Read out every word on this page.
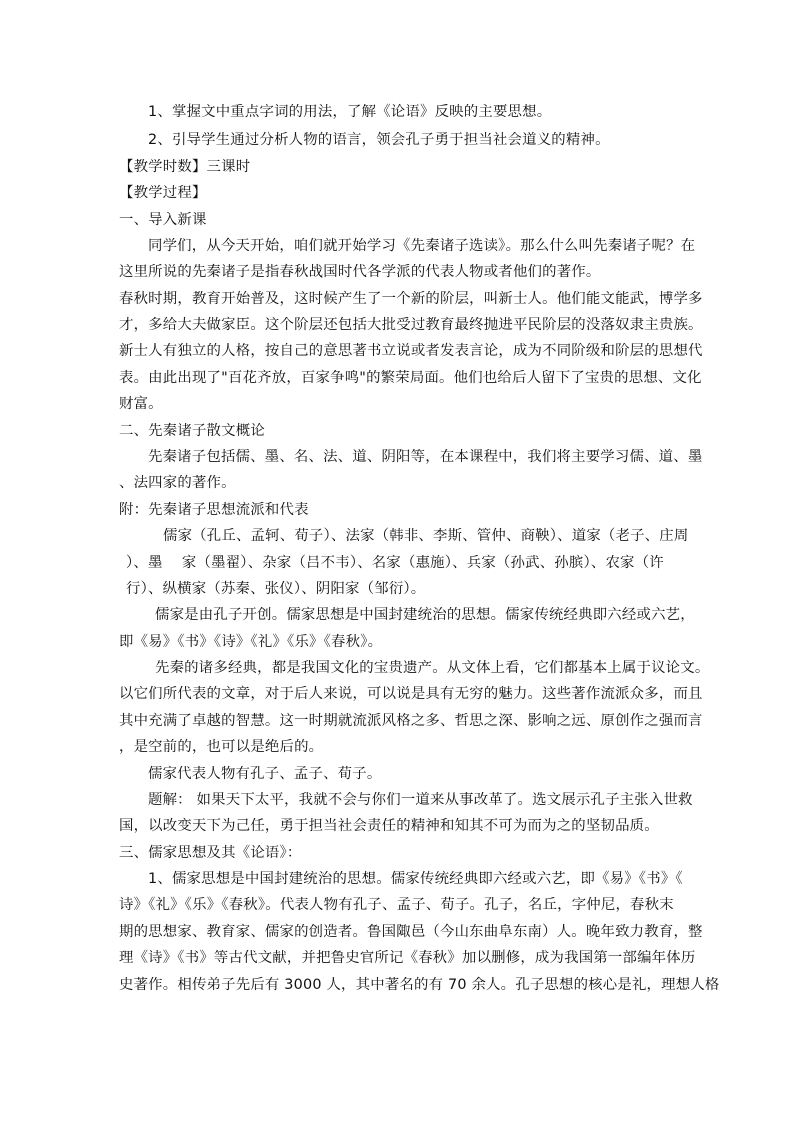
1、掌握文中重点字词的用法，了解《论语》反映的主要思想。
2、引导学生通过分析人物的语言，领会孔子勇于担当社会道义的精神。
【教学时数】三课时
【教学过程】
一、导入新课
同学们，从今天开始，咱们就开始学习《先秦诸子选读》。那么什么叫先秦诸子呢？在
这里所说的先秦诸子是指春秋战国时代各学派的代表人物或者他们的著作。
春秋时期，教育开始普及，这时候产生了一个新的阶层，叫新士人。他们能文能武，博学多
才，多给大夫做家臣。这个阶层还包括大批受过教育最终抛进平民阶层的没落奴隶主贵族。
新士人有独立的人格，按自己的意思著书立说或者发表言论，成为不同阶级和阶层的思想代
表。由此出现了"百花齐放，百家争鸣"的繁荣局面。他们也给后人留下了宝贵的思想、文化
财富。
二、先秦诸子散文概论
先秦诸子包括儒、墨、名、法、道、阴阳等，在本课程中，我们将主要学习儒、道、墨
、法四家的著作。
附：先秦诸子思想流派和代表
儒家（孔丘、孟轲、荀子）、法家（韩非、李斯、管仲、商鞅）、道家（老子、庄周
）、墨　 家（墨翟）、杂家（吕不韦）、名家（惠施）、兵家（孙武、孙膑）、农家（许
行）、纵横家（苏秦、张仪）、阴阳家（邹衍）。
儒家是由孔子开创。儒家思想是中国封建统治的思想。儒家传统经典即六经或六艺，
即《易》《书》《诗》《礼》《乐》《春秋》。
先秦的诸多经典，都是我国文化的宝贵遗产。从文体上看，它们都基本上属于议论文。
以它们所代表的文章，对于后人来说，可以说是具有无穷的魅力。这些著作流派众多，而且
其中充满了卓越的智慧。这一时期就流派风格之多、哲思之深、影响之远、原创作之强而言
，是空前的，也可以是绝后的。
儒家代表人物有孔子、孟子、荀子。
题解： 如果天下太平，我就不会与你们一道来从事改革了。选文展示孔子主张入世救
国，以改变天下为己任，勇于担当社会责任的精神和知其不可为而为之的坚韧品质。
三、儒家思想及其《论语》：
1、儒家思想是中国封建统治的思想。儒家传统经典即六经或六艺，即《易》《书》《
诗》《礼》《乐》《春秋》。代表人物有孔子、孟子、荀子。孔子，名丘，字仲尼，春秋末
期的思想家、教育家、儒家的创造者。鲁国陬邑（今山东曲阜东南）人。晚年致力教育，整
理《诗》《书》等古代文献，并把鲁史官所记《春秋》加以删修，成为我国第一部编年体历
史著作。相传弟子先后有 3000 人，其中著名的有 70 余人。孔子思想的核心是礼，理想人格
